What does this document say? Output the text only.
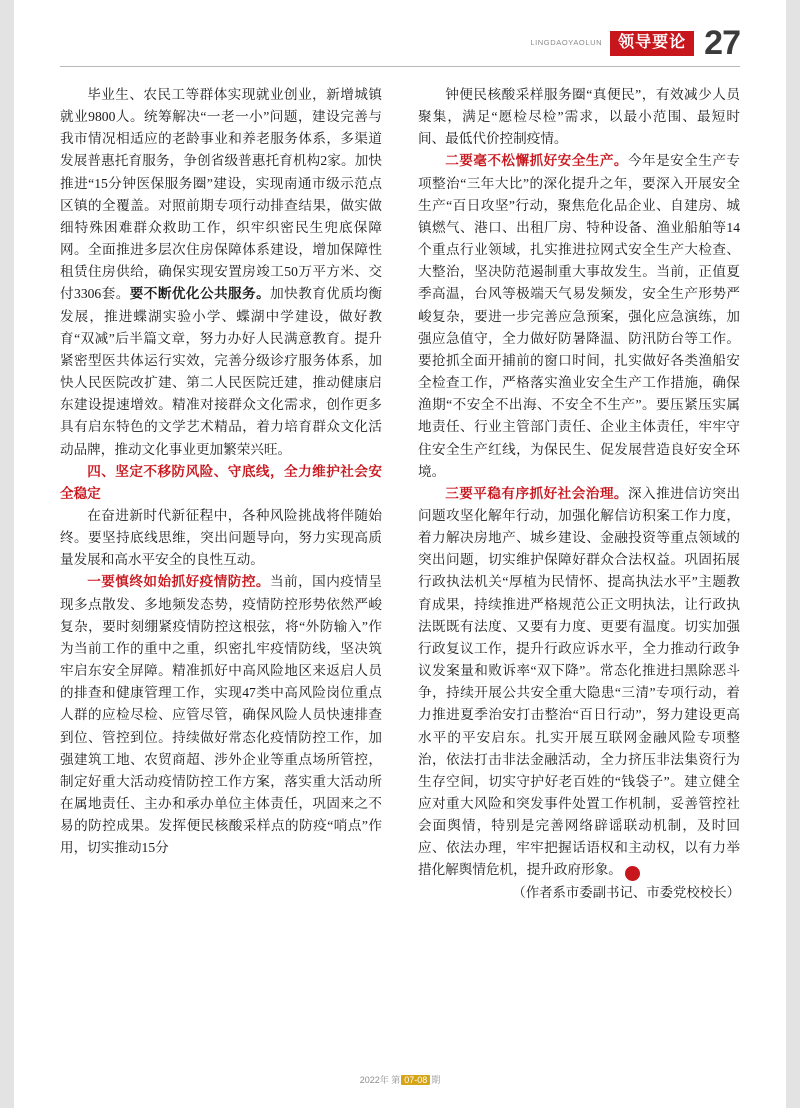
LINGDAOYAOLUN	领导要论 27

毕业生、农民工等群体实现就业创业，新增城镇就业9800人。统筹解决“一老一小”问题，建设完善与我市情况相适应的老龄事业和养老服务体系，多渠道发展普惠托育服务，争创省级普惠托育机构2家。加快推进“15分钟医保服务圈”建设，实现南通市级示范点区镇的全覆盖。对照前期专项行动排查结果，做实做细特殊困难群众救助工作，织牢织密民生兜底保障网。全面推进多层次住房保障体系建设，增加保障性租赁住房供给，确保实现安置房竣工50万平方米、交付3306套。要不断优化公共服务。加快教育优质均衡发展，推进蝶湖实验小学、蝶湖中学建设，做好教育“双减”后半篇文章，努力办好人民满意教育。提升紧密型医共体运行实效，完善分级诊疗服务体系，加快人民医院改扩建、第二人民医院迁建，推动健康启东建设提速增效。精准对接群众文化需求，创作更多具有启东特色的文学艺术精品，着力培育群众文化活动品牌，推动文化事业更加繁荣兴旺。

四、坚定不移防风险、守底线，全力维护社会安全稳定

在奋进新时代新征程中，各种风险挑战将伴随始终。要坚持底线思维，突出问题导向，努力实现高质量发展和高水平安全的良性互动。

一要慎终如始抓好疫情防控。当前，国内疫情呈现多点散发、多地频发态势，疫情防控形势依然严峻复杂，要时刻绷紧疫情防控这根弦，将“外防输入”作为当前工作的重中之重，织密扎牢疫情防线，坚决筑牢启东安全屏障。精准抓好中高风险地区来返启人员的排查和健康管理工作，实现47类中高风险岗位重点人群的应检尽检、应管尽管，确保风险人员快速排查到位、管控到位。持续做好常态化疫情防控工作，加强建筑工地、农贸商超、涉外企业等重点场所管控，制定好重大活动疫情防控工作方案，落实重大活动所在属地责任、主办和承办单位主体责任，巩固来之不易的防控成果。发挥便民核酸采样点的防疫“哨点”作用，切实推动15分

钟便民核酸采样服务圈“真便民”，有效减少人员聚集，满足“愿检尽检”需求，以最小范围、最短时间、最低代价控制疫情。

二要毫不松懈抓好安全生产。今年是安全生产专项整治“三年大比”的深化提升之年，要深入开展安全生产“百日攻坚”行动，聚焦危化品企业、自建房、城镇燃气、港口、出租厂房、特种设备、渔业船舶等14个重点行业领域，扎实推进拉网式安全生产大检查、大整治，坚决防范遏制重大事故发生。当前，正值夏季高温，台风等极端天气易发频发，安全生产形势严峻复杂，要进一步完善应急预案，强化应急演练，加强应急值守，全力做好防暑降温、防汛防台等工作。要抢抓全面开捕前的窗口时间，扎实做好各类渔船安全检查工作，严格落实渔业安全生产工作措施，确保渔期“不安全不出海、不安全不生产”。要压紧压实属地责任、行业主管部门责任、企业主体责任，牢牢守住安全生产红线，为保民生、促发展营造良好安全环境。

三要平稳有序抓好社会治理。深入推进信访突出问题攻坚化解年行动，加强化解信访积案工作力度，着力解决房地产、城乡建设、金融投资等重点领域的突出问题，切实维护保障好群众合法权益。巩固拓展行政执法机关“厚植为民情怀、提高执法水平”主题教育成果，持续推进严格规范公正文明执法，让行政执法既既有法度、又要有力度、更要有温度。切实加强行政复议工作，提升行政应诉水平，全力推动行政争议发案量和败诉率“双下降”。常态化推进扫黑除恶斗争，持续开展公共安全重大隐患“三清”专项行动，着力推进夏季治安打击整治“百日行动”，努力建设更高水平的平安启东。扎实开展互联网金融风险专项整治，依法打击非法金融活动，全力挤压非法集资行为生存空间，切实守护好老百姓的“钱袋子”。建立健全应对重大风险和突发事件处置工作机制，妥善管控社会面舆情，特别是完善网络辟谣联动机制，及时回应、依法办理，牢牢把握话语权和主动权，以有力举措化解舆情危机，提升政府形象。	E

（作者系市委副书记、市委党校校长）

2022年 第 07-08 期
